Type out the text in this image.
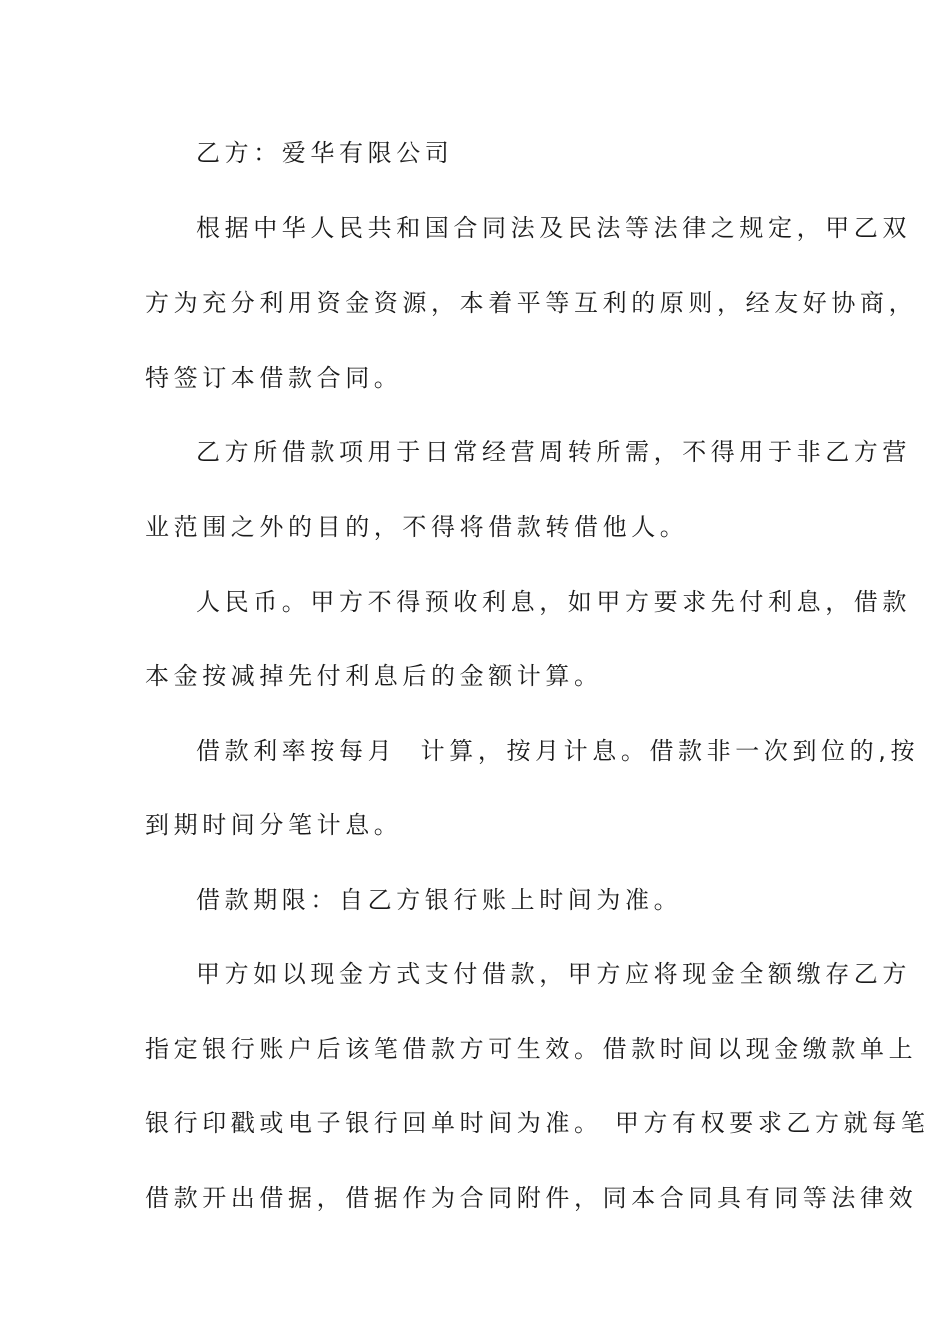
乙方：爱华有限公司
根据中华人民共和国合同法及民法等法律之规定，甲乙双
方为充分利用资金资源，本着平等互利的原则，经友好协商，
特签订本借款合同。
乙方所借款项用于日常经营周转所需，不得用于非乙方营
业范围之外的目的，不得将借款转借他人。
人民币。甲方不得预收利息，如甲方要求先付利息，借款
本金按减掉先付利息后的金额计算。
借款利率按每月  计算，按月计息。借款非一次到位的,按
到期时间分笔计息。
借款期限：自乙方银行账上时间为准。
甲方如以现金方式支付借款，甲方应将现金全额缴存乙方
指定银行账户后该笔借款方可生效。借款时间以现金缴款单上
银行印戳或电子银行回单时间为准。 甲方有权要求乙方就每笔
借款开出借据，借据作为合同附件，同本合同具有同等法律效
